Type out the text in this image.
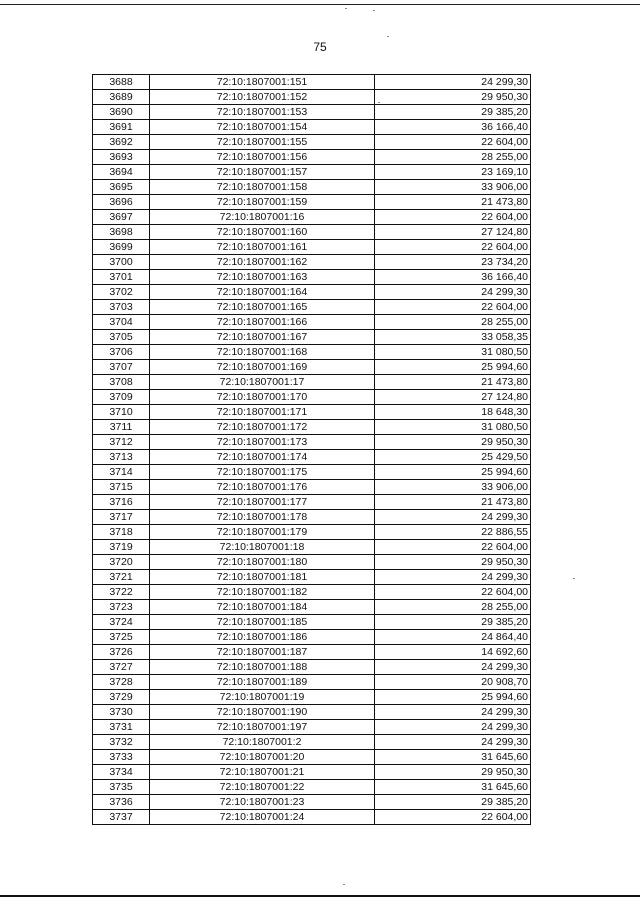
75
3688	72:10:1807001:151	24 299,30
3689	72:10:1807001:152	29 950,30
3690	72:10:1807001:153	29 385,20
3691	72:10:1807001:154	36 166,40
3692	72:10:1807001:155	22 604,00
3693	72:10:1807001:156	28 255,00
3694	72:10:1807001:157	23 169,10
3695	72:10:1807001:158	33 906,00
3696	72:10:1807001:159	21 473,80
3697	72:10:1807001:16	22 604,00
3698	72:10:1807001:160	27 124,80
3699	72:10:1807001:161	22 604,00
3700	72:10:1807001:162	23 734,20
3701	72:10:1807001:163	36 166,40
3702	72:10:1807001:164	24 299,30
3703	72:10:1807001:165	22 604,00
3704	72:10:1807001:166	28 255,00
3705	72:10:1807001:167	33 058,35
3706	72:10:1807001:168	31 080,50
3707	72:10:1807001:169	25 994,60
3708	72:10:1807001:17	21 473,80
3709	72:10:1807001:170	27 124,80
3710	72:10:1807001:171	18 648,30
3711	72:10:1807001:172	31 080,50
3712	72:10:1807001:173	29 950,30
3713	72:10:1807001:174	25 429,50
3714	72:10:1807001:175	25 994,60
3715	72:10:1807001:176	33 906,00
3716	72:10:1807001:177	21 473,80
3717	72:10:1807001:178	24 299,30
3718	72:10:1807001:179	22 886,55
3719	72:10:1807001:18	22 604,00
3720	72:10:1807001:180	29 950,30
3721	72:10:1807001:181	24 299,30
3722	72:10:1807001:182	22 604,00
3723	72:10:1807001:184	28 255,00
3724	72:10:1807001:185	29 385,20
3725	72:10:1807001:186	24 864,40
3726	72:10:1807001:187	14 692,60
3727	72:10:1807001:188	24 299,30
3728	72:10:1807001:189	20 908,70
3729	72:10:1807001:19	25 994,60
3730	72:10:1807001:190	24 299,30
3731	72:10:1807001:197	24 299,30
3732	72:10:1807001:2	24 299,30
3733	72:10:1807001:20	31 645,60
3734	72:10:1807001:21	29 950,30
3735	72:10:1807001:22	31 645,60
3736	72:10:1807001:23	29 385,20
3737	72:10:1807001:24	22 604,00
